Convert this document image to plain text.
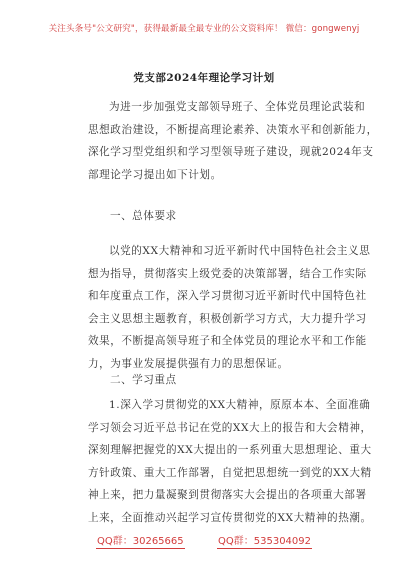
关注头条号"公文研究"，获得最新最全最专业的公文资料库！ 微信：gongwenyj
党支部2024年理论学习计划
为进一步加强党支部领导班子、全体党员理论武装和
思想政治建设，不断提高理论素养、决策水平和创新能力，
深化学习型党组织和学习型领导班子建设，现就2024年支
部理论学习提出如下计划。
一、总体要求
以党的XX大精神和习近平新时代中国特色社会主义思
想为指导，贯彻落实上级党委的决策部署，结合工作实际
和年度重点工作，深入学习贯彻习近平新时代中国特色社
会主义思想主题教育，积极创新学习方式，大力提升学习
效果，不断提高领导班子和全体党员的理论水平和工作能
力，为事业发展提供强有力的思想保证。
二、学习重点
1.深入学习贯彻党的XX大精神，原原本本、全面准确
学习领会习近平总书记在党的XX大上的报告和大会精神，
深刻理解把握党的XX大提出的一系列重大思想理论、重大
方针政策、重大工作部署，自觉把思想统一到党的XX大精
神上来，把力量凝聚到贯彻落实大会提出的各项重大部署
上来，全面推动兴起学习宣传贯彻党的XX大精神的热潮。
QQ群：30265665	QQ群：535304092
